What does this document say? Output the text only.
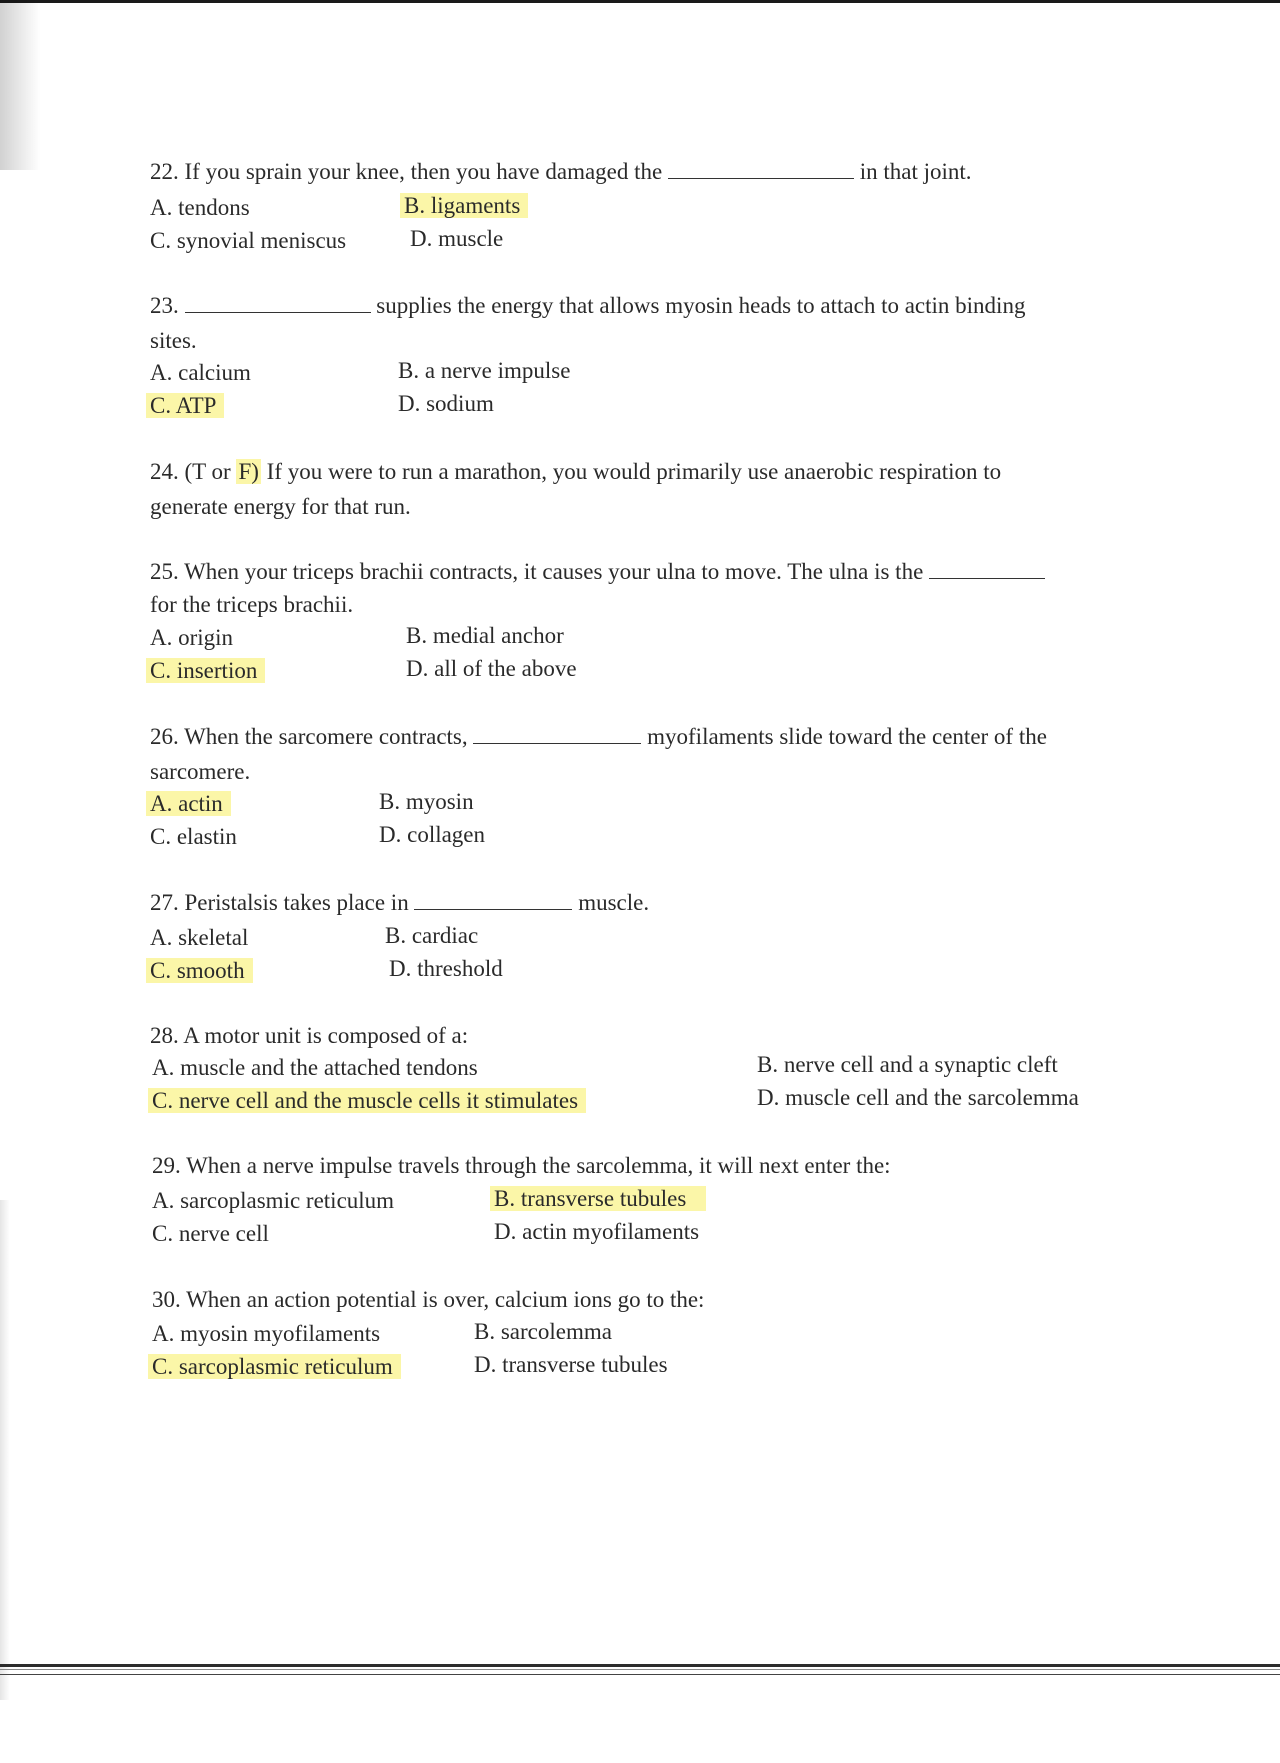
22. If you sprain your knee, then you have damaged the	in that joint.
A. tendons	B. ligaments
C. synovial meniscus	D. muscle
23.	supplies the energy that allows myosin heads to attach to actin binding
sites.
A. calcium	B. a nerve impulse
C. ATP	D. sodium
24. (T or F) If you were to run a marathon, you would primarily use anaerobic respiration to
generate energy for that run.
25. When your triceps brachii contracts, it causes your ulna to move. The ulna is the
for the triceps brachii.
A. origin	B. medial anchor
C. insertion	D. all of the above
26. When the sarcomere contracts,	myofilaments slide toward the center of the
sarcomere.
A. actin	B. myosin
C. elastin	D. collagen
27. Peristalsis takes place in	muscle.
A. skeletal	B. cardiac
C. smooth	D. threshold
28. A motor unit is composed of a:
A. muscle and the attached tendons	B. nerve cell and a synaptic cleft
C. nerve cell and the muscle cells it stimulates	D. muscle cell and the sarcolemma
29. When a nerve impulse travels through the sarcolemma, it will next enter the:
A. sarcoplasmic reticulum	B. transverse tubules
C. nerve cell	D. actin myofilaments
30. When an action potential is over, calcium ions go to the:
A. myosin myofilaments	B. sarcolemma
C. sarcoplasmic reticulum	D. transverse tubules
